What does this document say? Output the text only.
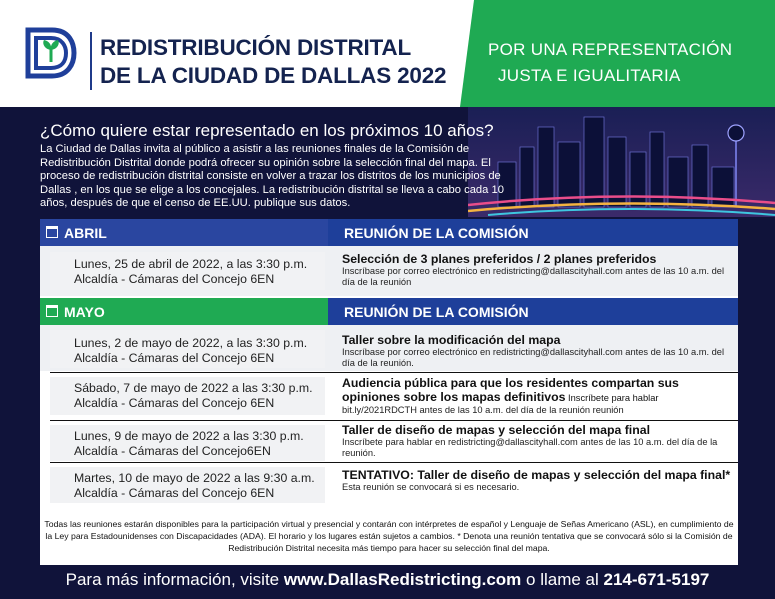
REDISTRIBUCIÓN DISTRITAL
DE LA CIUDAD DE DALLAS 2022
POR UNA REPRESENTACIÓN
JUSTA E IGUALITARIA
¿Cómo quiere estar representado en los próximos 10 años?
La Ciudad de Dallas invita al público a asistir a las reuniones finales de la Comisión de Redistribución Distrital donde podrá ofrecer su opinión sobre la selección final del mapa. El proceso de redistribución distrital consiste en volver a trazar los distritos de los municipios de Dallas , en los que se elige a los concejales. La redistribución distrital se lleva a cabo cada 10 años, después de que el censo de EE.UU. publique sus datos.
ABRIL	REUNIÓN DE LA COMISIÓN
Lunes, 25 de abril de 2022, a las 3:30 p.m.
Alcaldía - Cámaras del Concejo 6EN
Selección de 3 planes preferidos / 2 planes preferidos
Inscríbase por correo electrónico en redistricting@dallascityhall.com antes de las 10 a.m. del día de la reunión
MAYO	REUNIÓN DE LA COMISIÓN
Lunes, 2 de mayo de 2022, a las 3:30 p.m.
Alcaldía - Cámaras del Concejo 6EN
Taller sobre la modificación del mapa
Inscríbase por correo electrónico en redistricting@dallascityhall.com antes de las 10 a.m. del día de la reunión.
Sábado, 7 de mayo de 2022 a las 3:30 p.m.
Alcaldía - Cámaras del Concejo 6EN
Audiencia pública para que los residentes compartan sus opiniones sobre los mapas definitivos Inscríbete para hablar
bit.ly/2021RDCTH antes de las 10 a.m. del día de la reunión reunión
Lunes, 9 de mayo de 2022 a las 3:30 p.m.
Alcaldía - Cámaras del Concejo6EN
Taller de diseño de mapas y selección del mapa final
Inscríbete para hablar en redistricting@dallascityhall.com antes de las 10 a.m. del día de la reunión.
Martes, 10 de mayo de 2022 a las 9:30 a.m.
Alcaldía - Cámaras del Concejo 6EN
TENTATIVO: Taller de diseño de mapas y selección del mapa final*
Esta reunión se convocará si es necesario.
Todas las reuniones estarán disponibles para la participación virtual y presencial y contarán con intérpretes de español y Lenguaje de Señas Americano (ASL), en cumplimiento de la Ley para Estadounidenses con Discapacidades (ADA). El horario y los lugares están sujetos a cambios. * Denota una reunión tentativa que se convocará sólo si la Comisión de Redistribución Distrital necesita más tiempo para hacer su selección final del mapa.
Para más información, visite www.DallasRedistricting.com o llame al 214-671-5197
